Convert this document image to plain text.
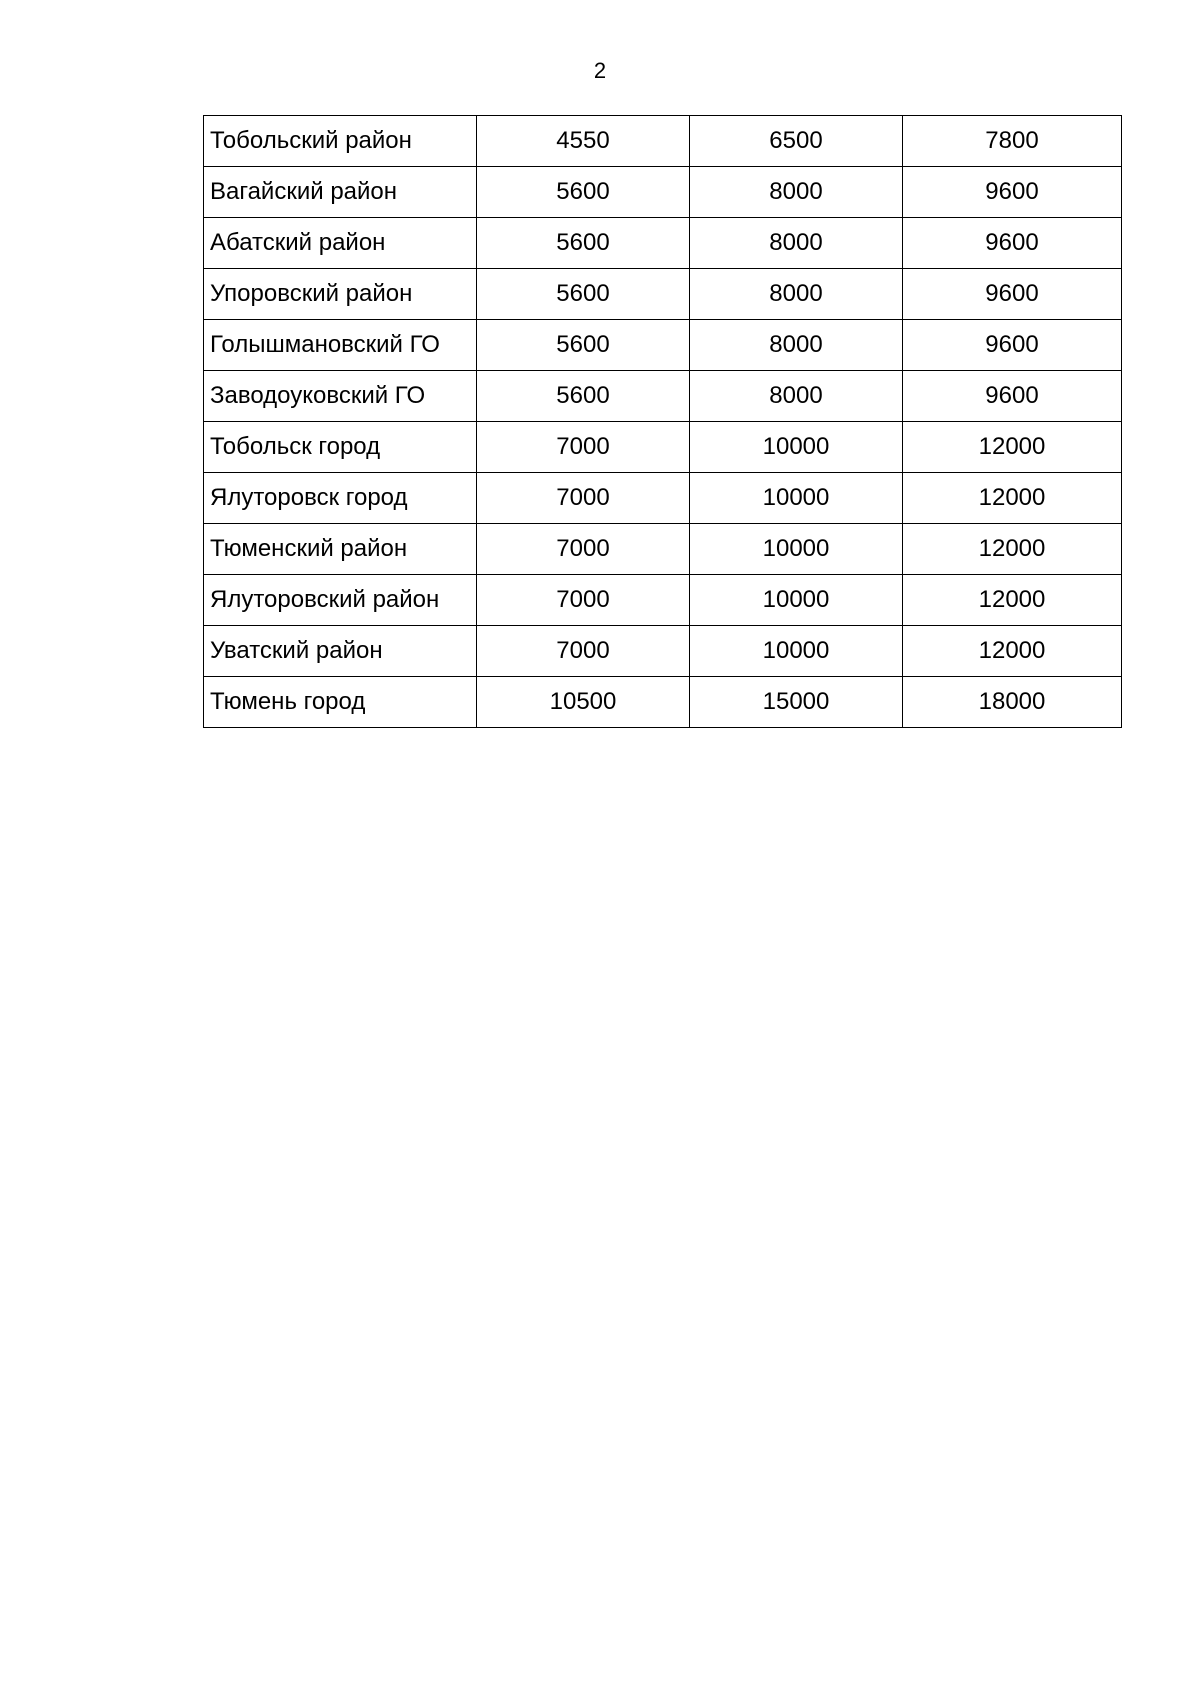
2
Тобольский район	4550	6500	7800
Вагайский район	5600	8000	9600
Абатский район	5600	8000	9600
Упоровский район	5600	8000	9600
Голышмановский ГО	5600	8000	9600
Заводоуковский ГО	5600	8000	9600
Тобольск город	7000	10000	12000
Ялуторовск город	7000	10000	12000
Тюменский район	7000	10000	12000
Ялуторовский район	7000	10000	12000
Уватский район	7000	10000	12000
Тюмень город	10500	15000	18000
